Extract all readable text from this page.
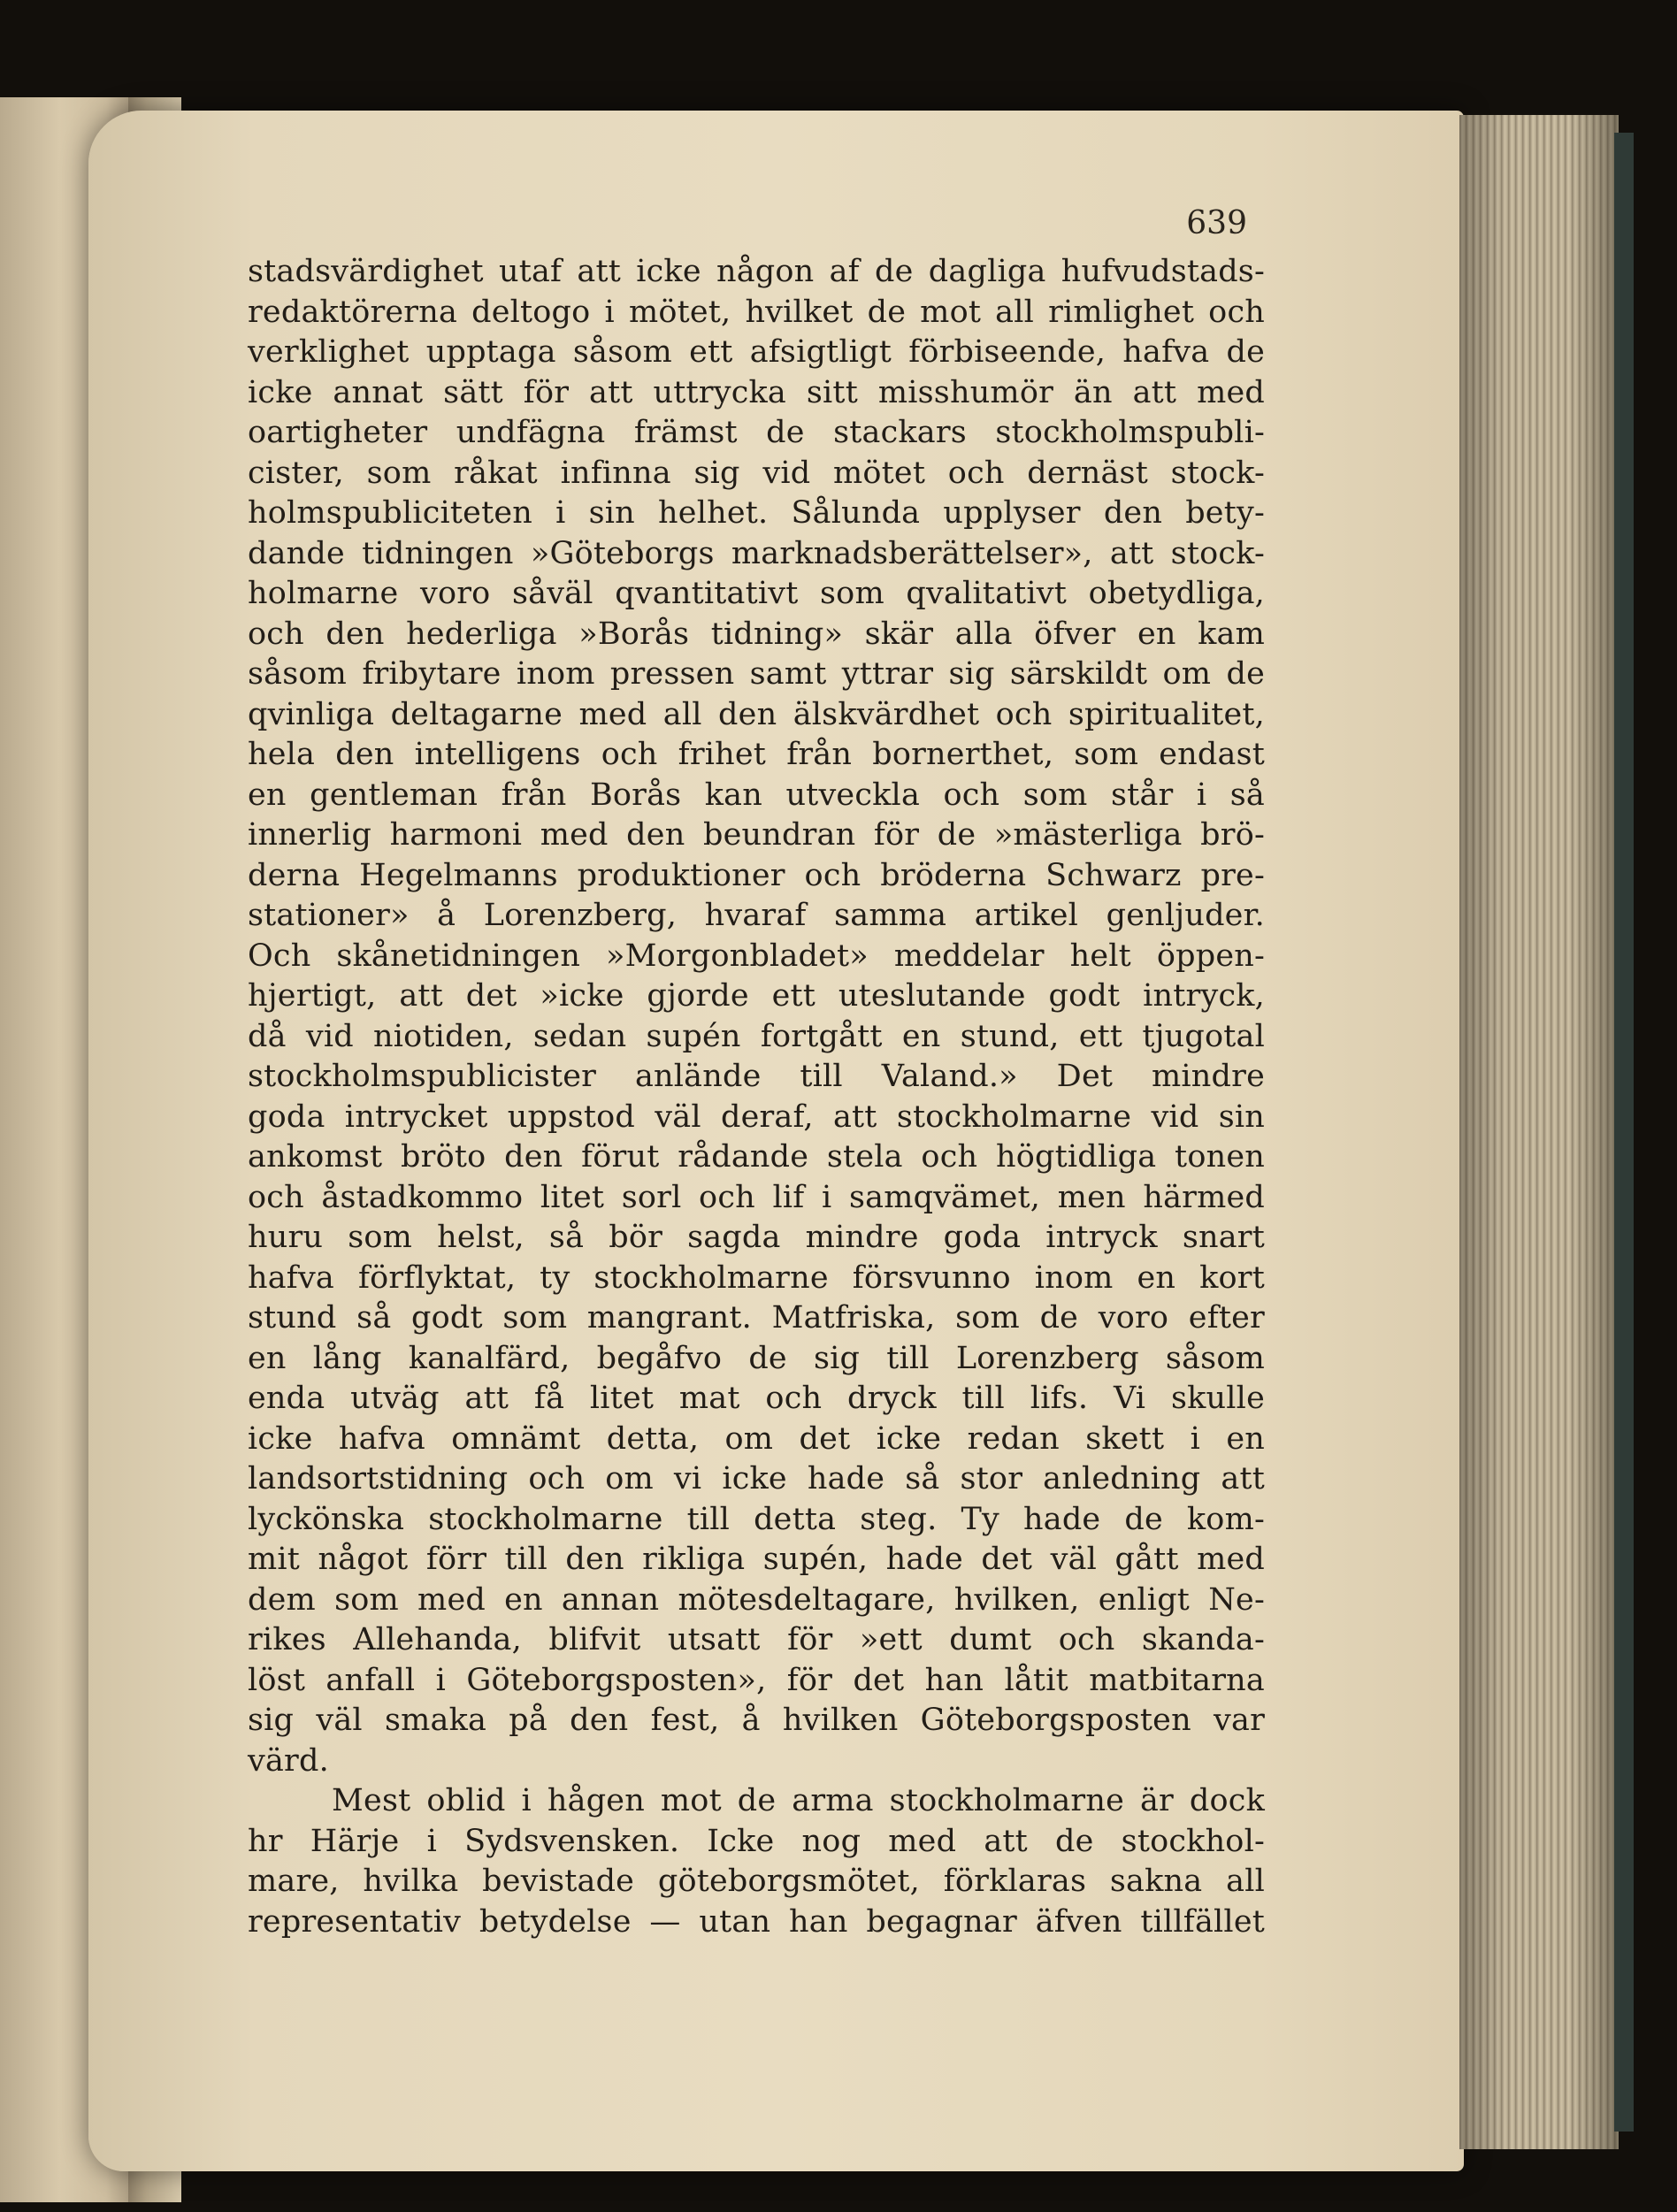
639
stadsvärdighet utaf att icke någon af de dagliga hufvudstads-
redaktörerna deltogo i mötet, hvilket de mot all rimlighet och
verklighet upptaga såsom ett afsigtligt förbiseende, hafva de
icke annat sätt för att uttrycka sitt misshumör än att med
oartigheter undfägna främst de stackars stockholmspubli-
cister, som råkat infinna sig vid mötet och dernäst stock-
holmspubliciteten i sin helhet. Sålunda upplyser den bety-
dande tidningen »Göteborgs marknadsberättelser», att stock-
holmarne voro såväl qvantitativt som qvalitativt obetydliga,
och den hederliga »Borås tidning» skär alla öfver en kam
såsom fribytare inom pressen samt yttrar sig särskildt om de
qvinliga deltagarne med all den älskvärdhet och spiritualitet,
hela den intelligens och frihet från bornerthet, som endast
en gentleman från Borås kan utveckla och som står i så
innerlig harmoni med den beundran för de »mästerliga brö-
derna Hegelmanns produktioner och bröderna Schwarz pre-
stationer» å Lorenzberg, hvaraf samma artikel genljuder.
Och skånetidningen »Morgonbladet» meddelar helt öppen-
hjertigt, att det »icke gjorde ett uteslutande godt intryck,
då vid niotiden, sedan supén fortgått en stund, ett tjugotal
stockholmspublicister anlände till Valand.» Det mindre
goda intrycket uppstod väl deraf, att stockholmarne vid sin
ankomst bröto den förut rådande stela och högtidliga tonen
och åstadkommo litet sorl och lif i samqvämet, men härmed
huru som helst, så bör sagda mindre goda intryck snart
hafva förflyktat, ty stockholmarne försvunno inom en kort
stund så godt som mangrant. Matfriska, som de voro efter
en lång kanalfärd, begåfvo de sig till Lorenzberg såsom
enda utväg att få litet mat och dryck till lifs. Vi skulle
icke hafva omnämt detta, om det icke redan skett i en
landsortstidning och om vi icke hade så stor anledning att
lyckönska stockholmarne till detta steg. Ty hade de kom-
mit något förr till den rikliga supén, hade det väl gått med
dem som med en annan mötesdeltagare, hvilken, enligt Ne-
rikes Allehanda, blifvit utsatt för »ett dumt och skanda-
löst anfall i Göteborgsposten», för det han låtit matbitarna
sig väl smaka på den fest, å hvilken Göteborgsposten var
värd.
Mest oblid i hågen mot de arma stockholmarne är dock
hr Härje i Sydsvensken. Icke nog med att de stockhol-
mare, hvilka bevistade göteborgsmötet, förklaras sakna all
representativ betydelse — utan han begagnar äfven tillfället
